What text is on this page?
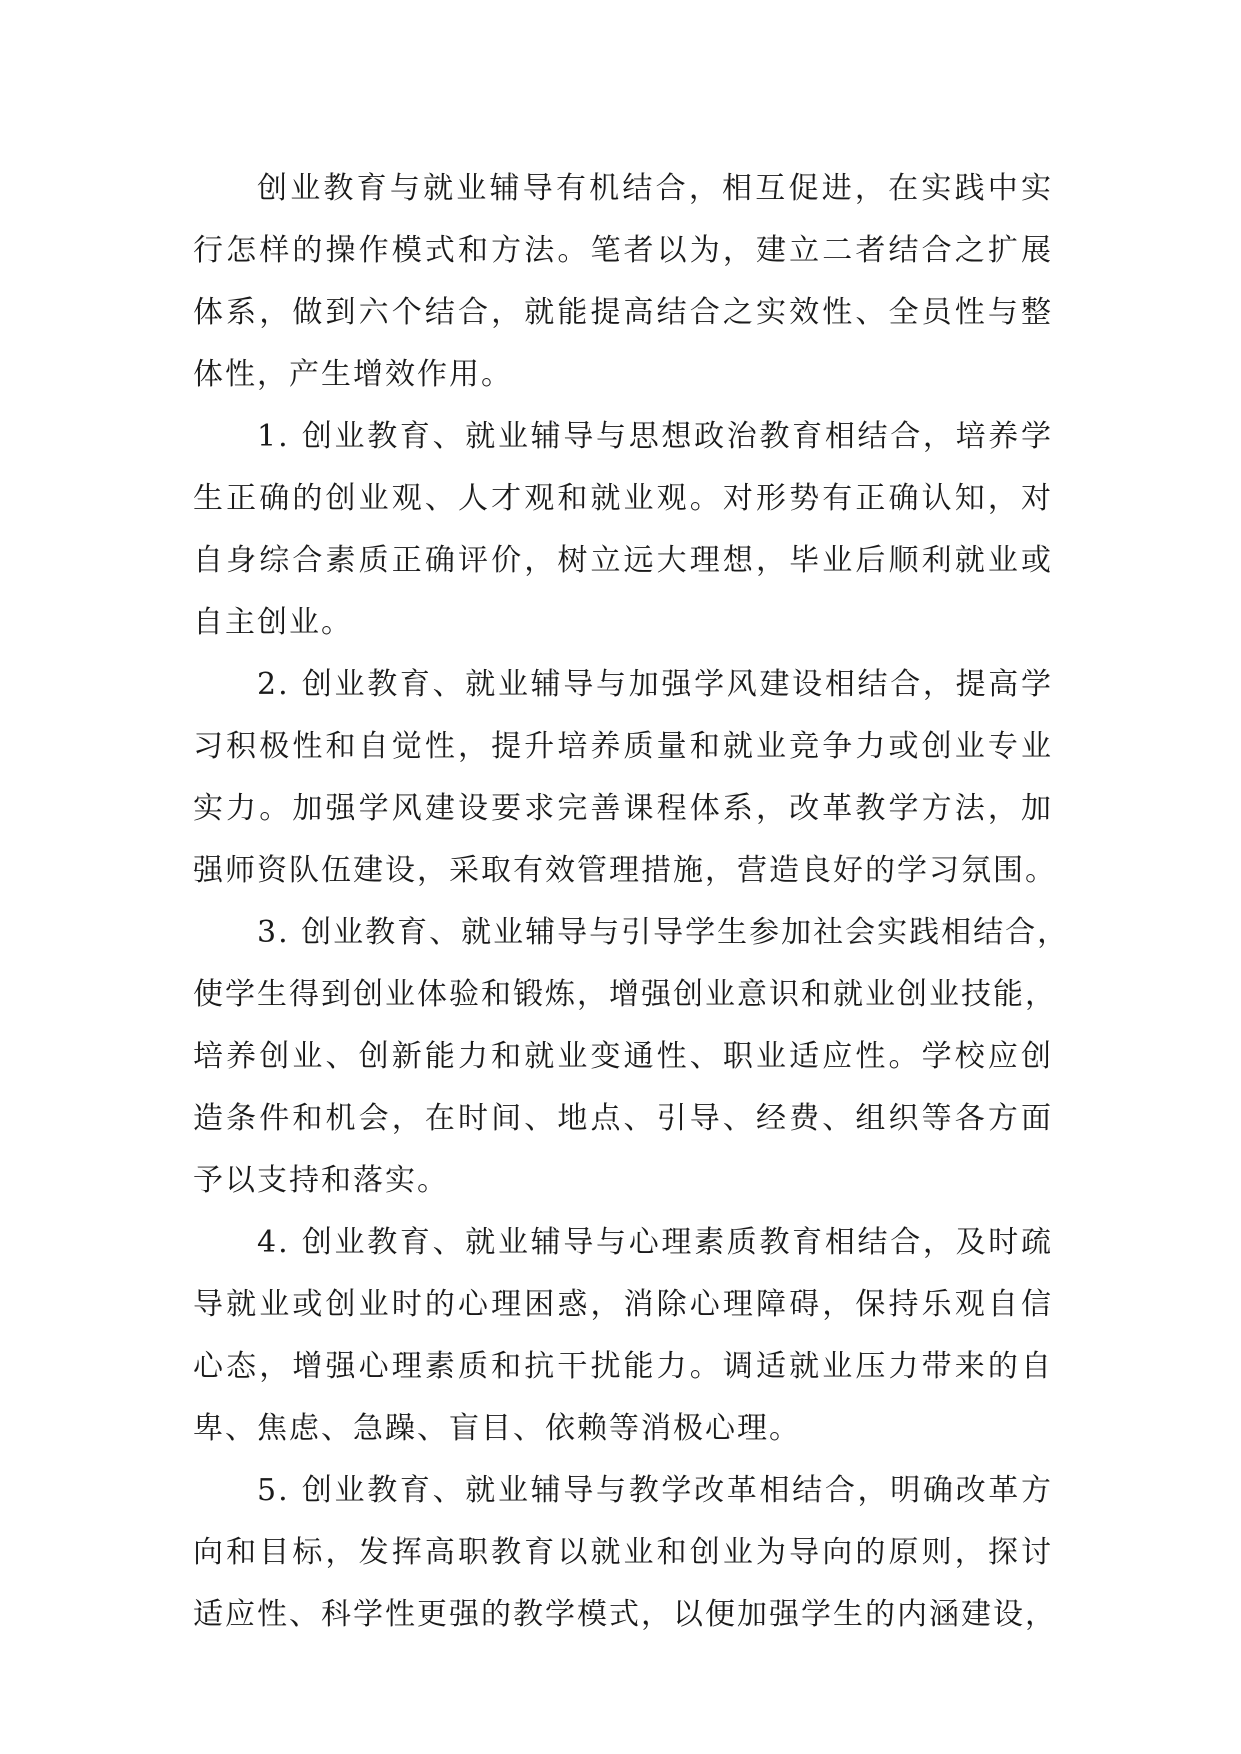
创业教育与就业辅导有机结合，相互促进，在实践中实
行怎样的操作模式和方法。笔者以为，建立二者结合之扩展
体系，做到六个结合，就能提高结合之实效性、全员性与整
体性，产生增效作用。
1. 创业教育、就业辅导与思想政治教育相结合，培养学
生正确的创业观、人才观和就业观。对形势有正确认知，对
自身综合素质正确评价，树立远大理想，毕业后顺利就业或
自主创业。
2. 创业教育、就业辅导与加强学风建设相结合，提高学
习积极性和自觉性，提升培养质量和就业竞争力或创业专业
实力。加强学风建设要求完善课程体系，改革教学方法，加
强师资队伍建设，采取有效管理措施，营造良好的学习氛围。
3. 创业教育、就业辅导与引导学生参加社会实践相结合，
使学生得到创业体验和锻炼，增强创业意识和就业创业技能，
培养创业、创新能力和就业变通性、职业适应性。学校应创
造条件和机会，在时间、地点、引导、经费、组织等各方面
予以支持和落实。
4. 创业教育、就业辅导与心理素质教育相结合，及时疏
导就业或创业时的心理困惑，消除心理障碍，保持乐观自信
心态，增强心理素质和抗干扰能力。调适就业压力带来的自
卑、焦虑、急躁、盲目、依赖等消极心理。
5. 创业教育、就业辅导与教学改革相结合，明确改革方
向和目标，发挥高职教育以就业和创业为导向的原则，探讨
适应性、科学性更强的教学模式，以便加强学生的内涵建设，
